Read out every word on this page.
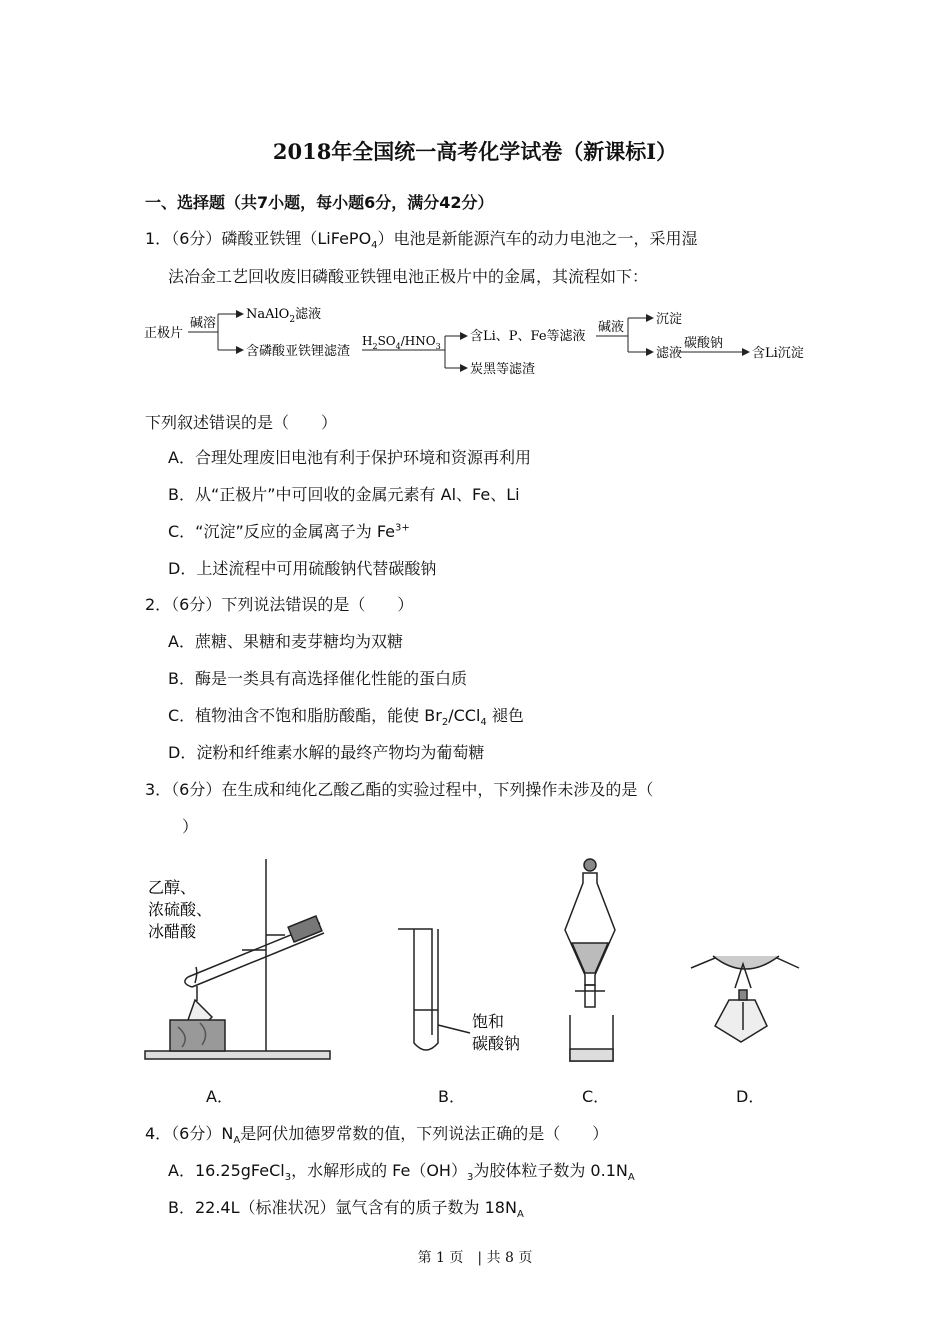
2018年全国统一高考化学试卷（新课标Ⅰ）
一、选择题（共7小题，每小题6分，满分42分）
1．（6分）磷酸亚铁锂（LiFePO$_4$）电池是新能源汽车的动力电池之一，采用湿
法冶金工艺回收废旧磷酸亚铁锂电池正极片中的金属，其流程如下：
正极片
碱溶
NaAlO$_2$滤液
含磷酸亚铁锂滤渣
$H_2SO_4/HNO_3$
含Li、P、Fe等滤液
炭黑等滤渣
碱液
沉淀
滤液
碳酸钠
含Li沉淀
下列叙述错误的是（　　）
A．合理处理废旧电池有利于保护环境和资源再利用
B．从“正极片”中可回收的金属元素有 Al、Fe、Li
C．“沉淀”反应的金属离子为 $Fe^{3+}$
D．上述流程中可用硫酸钠代替碳酸钠
2．（6分）下列说法错误的是（　　）
A．蔗糖、果糖和麦芽糖均为双糖
B．酶是一类具有高选择催化性能的蛋白质
C．植物油含不饱和脂肪酸酯，能使 $Br_2/CCl_4$ 褪色
D．淀粉和纤维素水解的最终产物均为葡萄糖
3．（6分）在生成和纯化乙酸乙酯的实验过程中，下列操作未涉及的是（
）
乙醇、
浓硫酸、
冰醋酸
饱和
碳酸钠
A．	B．	C．	D．
4．（6分）$N_A$是阿伏加德罗常数的值，下列说法正确的是（　　）
A．16.25gFeCl$_3$，水解形成的 $Fe(OH)_3$为胶体粒子数为 $0.1N_A$
B．22.4L（标准状况）氩气含有的质子数为 $18N_A$
第 1 页　| 共 8 页
